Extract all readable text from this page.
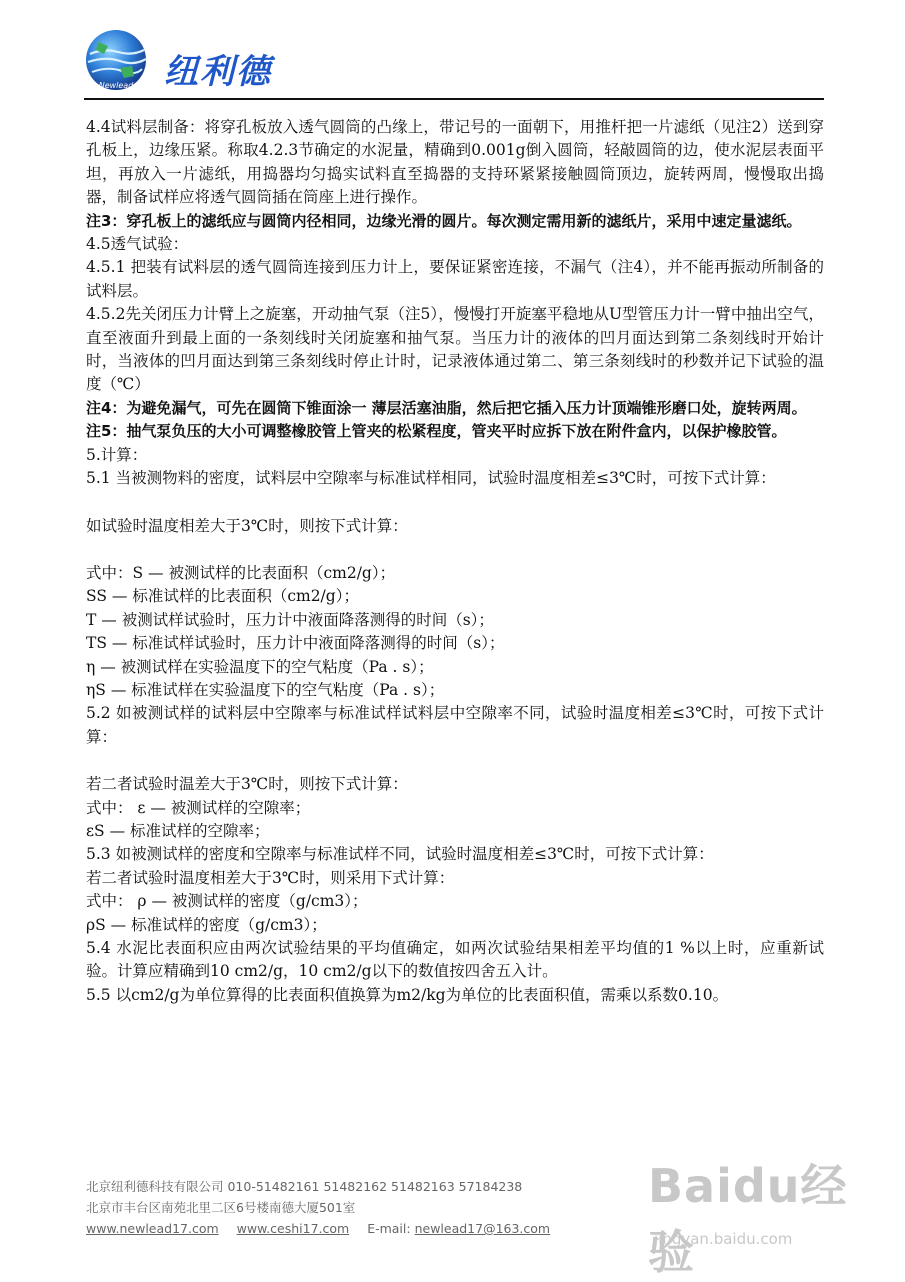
Newlead 纽利德

4.4试料层制备：将穿孔板放入透气圆筒的凸缘上，带记号的一面朝下，用推杆把一片滤纸（见注2）送到穿孔板上，边缘压紧。称取4.2.3节确定的水泥量，精确到0.001g倒入圆筒，轻敲圆筒的边，使水泥层表面平坦，再放入一片滤纸，用捣器均匀捣实试料直至捣器的支持环紧紧接触圆筒顶边，旋转两周，慢慢取出捣器，制备试样应将透气圆筒插在筒座上进行操作。

注3：穿孔板上的滤纸应与圆筒内径相同，边缘光滑的圆片。每次测定需用新的滤纸片，采用中速定量滤纸。

4.5透气试验：

4.5.1 把装有试料层的透气圆筒连接到压力计上，要保证紧密连接，不漏气（注4），并不能再振动所制备的试料层。

4.5.2先关闭压力计臂上之旋塞，开动抽气泵（注5），慢慢打开旋塞平稳地从U型管压力计一臂中抽出空气，直至液面升到最上面的一条刻线时关闭旋塞和抽气泵。当压力计的液体的凹月面达到第二条刻线时开始计时，当液体的凹月面达到第三条刻线时停止计时，记录液体通过第二、第三条刻线时的秒数并记下试验的温度（℃）

注4：为避免漏气，可先在圆筒下锥面涂一 薄层活塞油脂，然后把它插入压力计顶端锥形磨口处，旋转两周。

注5：抽气泵负压的大小可调整橡胶管上管夹的松紧程度，管夹平时应拆下放在附件盒内，以保护橡胶管。

5.计算：

5.1 当被测物料的密度，试料层中空隙率与标准试样相同，试验时温度相差≤3℃时，可按下式计算：

如试验时温度相差大于3℃时，则按下式计算：

式中：S — 被测试样的比表面积（cm2/g）；

SS — 标准试样的比表面积（cm2/g）；

T — 被测试样试验时，压力计中液面降落测得的时间（s）；

TS — 标准试样试验时，压力计中液面降落测得的时间（s）；

η — 被测试样在实验温度下的空气粘度（Pa . s）；

ηS — 标准试样在实验温度下的空气粘度（Pa . s）；

5.2 如被测试样的试料层中空隙率与标准试样试料层中空隙率不同，试验时温度相差≤3℃时，可按下式计算：

若二者试验时温差大于3℃时，则按下式计算：

式中： ε — 被测试样的空隙率；

εS — 标准试样的空隙率；

5.3 如被测试样的密度和空隙率与标准试样不同，试验时温度相差≤3℃时，可按下式计算：

若二者试验时温度相差大于3℃时，则采用下式计算：

式中： ρ — 被测试样的密度（g/cm3）；

ρS — 标准试样的密度（g/cm3）；

5.4 水泥比表面积应由两次试验结果的平均值确定，如两次试验结果相差平均值的1 %以上时，应重新试验。计算应精确到10 cm2/g，10 cm2/g以下的数值按四舍五入计。

5.5 以cm2/g为单位算得的比表面积值换算为m2/kg为单位的比表面积值，需乘以系数0.10。

北京纽利德科技有限公司 010-51482161 51482162 51482163 57184238
北京市丰台区南苑北里二区6号楼南德大厦501室
www.newlead17.com www.ceshi17.com E-mail: newlead17@163.com
Baidu经验
jingyan.baidu.com
